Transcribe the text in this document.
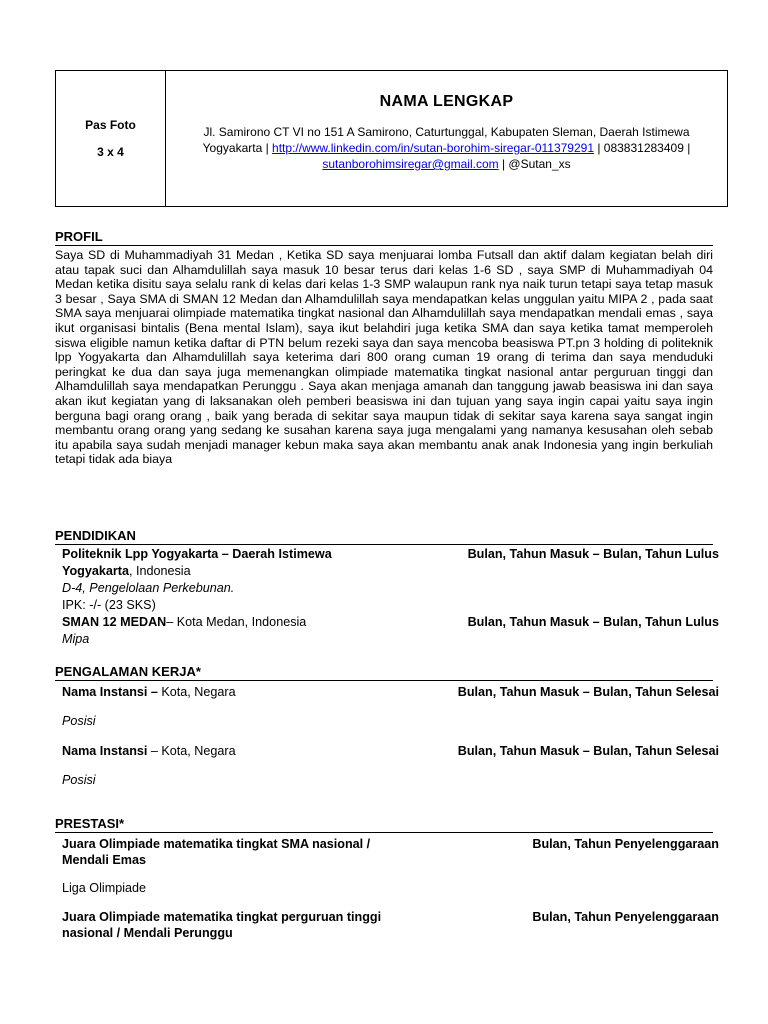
Pas Foto
3 x 4
NAMA LENGKAP
Jl. Samirono CT VI no 151 A Samirono, Caturtunggal, Kabupaten Sleman, Daerah Istimewa
Yogyakarta | http://www.linkedin.com/in/sutan-borohim-siregar-011379291 | 083831283409 |
sutanborohimsiregar@gmail.com | @Sutan_xs
PROFIL
Saya SD di Muhammadiyah 31 Medan , Ketika SD saya menjuarai lomba Futsall dan aktif dalam kegiatan belah diri atau tapak suci dan Alhamdulillah saya masuk 10 besar terus dari kelas 1-6 SD , saya SMP di Muhammadiyah 04 Medan ketika disitu saya selalu rank di kelas dari kelas 1-3 SMP walaupun rank nya naik turun tetapi saya tetap masuk 3 besar , Saya SMA di SMAN 12 Medan dan Alhamdulillah saya mendapatkan kelas unggulan yaitu MIPA 2 , pada saat SMA saya menjuarai olimpiade matematika tingkat nasional dan Alhamdulillah saya mendapatkan mendali emas , saya ikut organisasi bintalis (Bena mental Islam), saya ikut belahdiri juga ketika SMA dan saya ketika tamat memperoleh siswa eligible namun ketika daftar di PTN belum rezeki saya dan saya mencoba beasiswa PT.pn 3 holding di politeknik lpp Yogyakarta dan Alhamdulillah saya keterima dari 800 orang cuman 19 orang di terima dan saya menduduki peringkat ke dua dan saya juga memenangkan olimpiade matematika tingkat nasional antar perguruan tinggi dan Alhamdulillah saya mendapatkan Perunggu . Saya akan menjaga amanah dan tanggung jawab beasiswa ini dan saya akan ikut kegiatan yang di laksanakan oleh pemberi beasiswa ini dan tujuan yang saya ingin capai yaitu saya ingin berguna bagi orang orang , baik yang berada di sekitar saya maupun tidak di sekitar saya karena saya sangat ingin membantu orang orang yang sedang ke susahan karena saya juga mengalami yang namanya kesusahan oleh sebab itu apabila saya sudah menjadi manager kebun maka saya akan membantu anak anak Indonesia yang ingin berkuliah tetapi tidak ada biaya
PENDIDIKAN
Politeknik Lpp Yogyakarta – Daerah Istimewa	Bulan, Tahun Masuk – Bulan, Tahun Lulus
Yogyakarta, Indonesia
D-4, Pengelolaan Perkebunan.
IPK: -/- (23 SKS)
SMAN 12 MEDAN– Kota Medan, Indonesia	Bulan, Tahun Masuk – Bulan, Tahun Lulus
Mipa
PENGALAMAN KERJA*
Nama Instansi – Kota, Negara	Bulan, Tahun Masuk – Bulan, Tahun Selesai
Posisi
Nama Instansi – Kota, Negara	Bulan, Tahun Masuk – Bulan, Tahun Selesai
Posisi
PRESTASI*
Juara Olimpiade matematika tingkat SMA nasional /	Bulan, Tahun Penyelenggaraan
Mendali Emas
Liga Olimpiade
Juara Olimpiade matematika tingkat perguruan tinggi	Bulan, Tahun Penyelenggaraan
nasional / Mendali Perunggu
